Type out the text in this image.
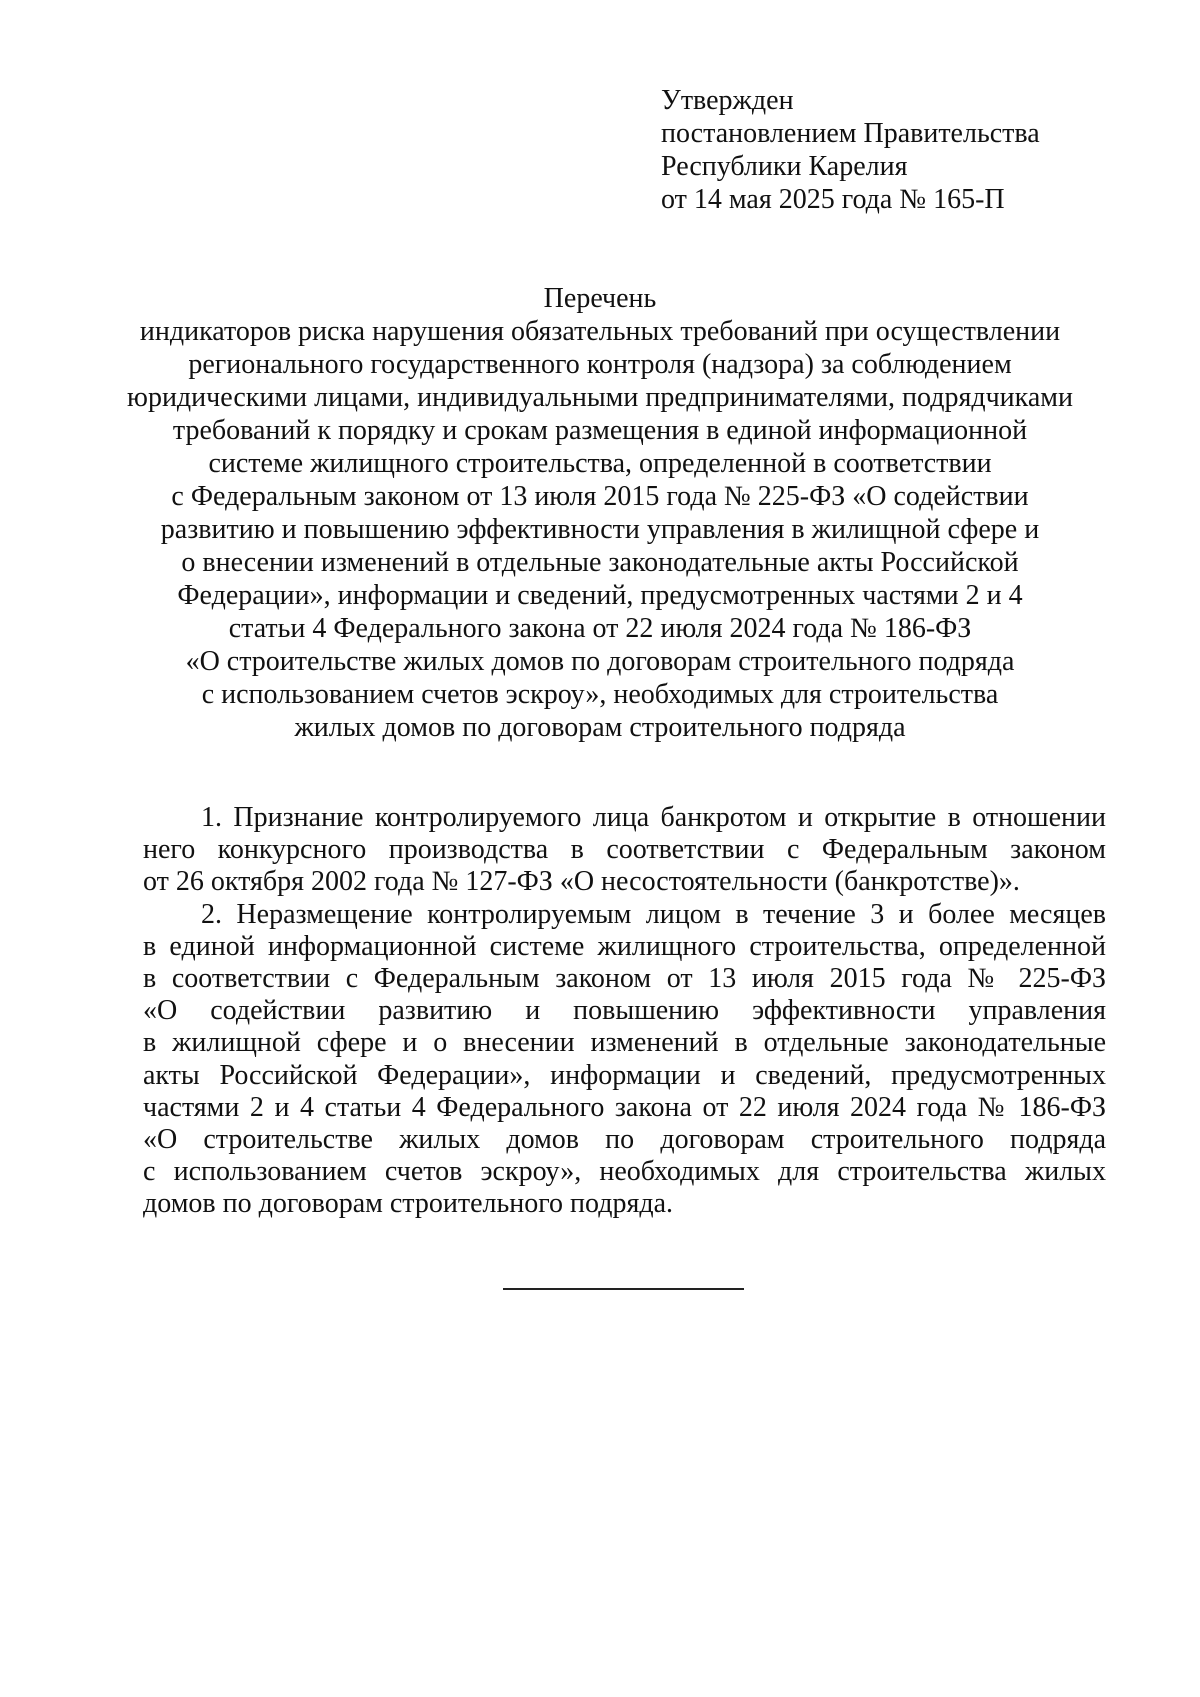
Утвержден
постановлением Правительства
Республики Карелия
от 14 мая 2025 года № 165-П
Перечень
индикаторов риска нарушения обязательных требований при осуществлении
регионального государственного контроля (надзора) за соблюдением
юридическими лицами, индивидуальными предпринимателями, подрядчиками
требований к порядку и срокам размещения в единой информационной
системе жилищного строительства, определенной в соответствии
с Федеральным законом от 13 июля 2015 года № 225-ФЗ «О содействии
развитию и повышению эффективности управления в жилищной сфере и
о внесении изменений в отдельные законодательные акты Российской
Федерации», информации и сведений, предусмотренных частями 2 и 4
статьи 4 Федерального закона от 22 июля 2024 года № 186-ФЗ
«О строительстве жилых домов по договорам строительного подряда
с использованием счетов эскроу», необходимых для строительства
жилых домов по договорам строительного подряда
1. Признание контролируемого лица банкротом и открытие в отношении
него конкурсного производства в соответствии с Федеральным законом
от 26 октября 2002 года № 127-ФЗ «О несостоятельности (банкротстве)».
2. Неразмещение контролируемым лицом в течение 3 и более месяцев
в единой информационной системе жилищного строительства, определенной
в соответствии с Федеральным законом от 13 июля 2015 года № 225-ФЗ
«О содействии развитию и повышению эффективности управления
в жилищной сфере и о внесении изменений в отдельные законодательные
акты Российской Федерации», информации и сведений, предусмотренных
частями 2 и 4 статьи 4 Федерального закона от 22 июля 2024 года № 186-ФЗ
«О строительстве жилых домов по договорам строительного подряда
с использованием счетов эскроу», необходимых для строительства жилых
домов по договорам строительного подряда.
